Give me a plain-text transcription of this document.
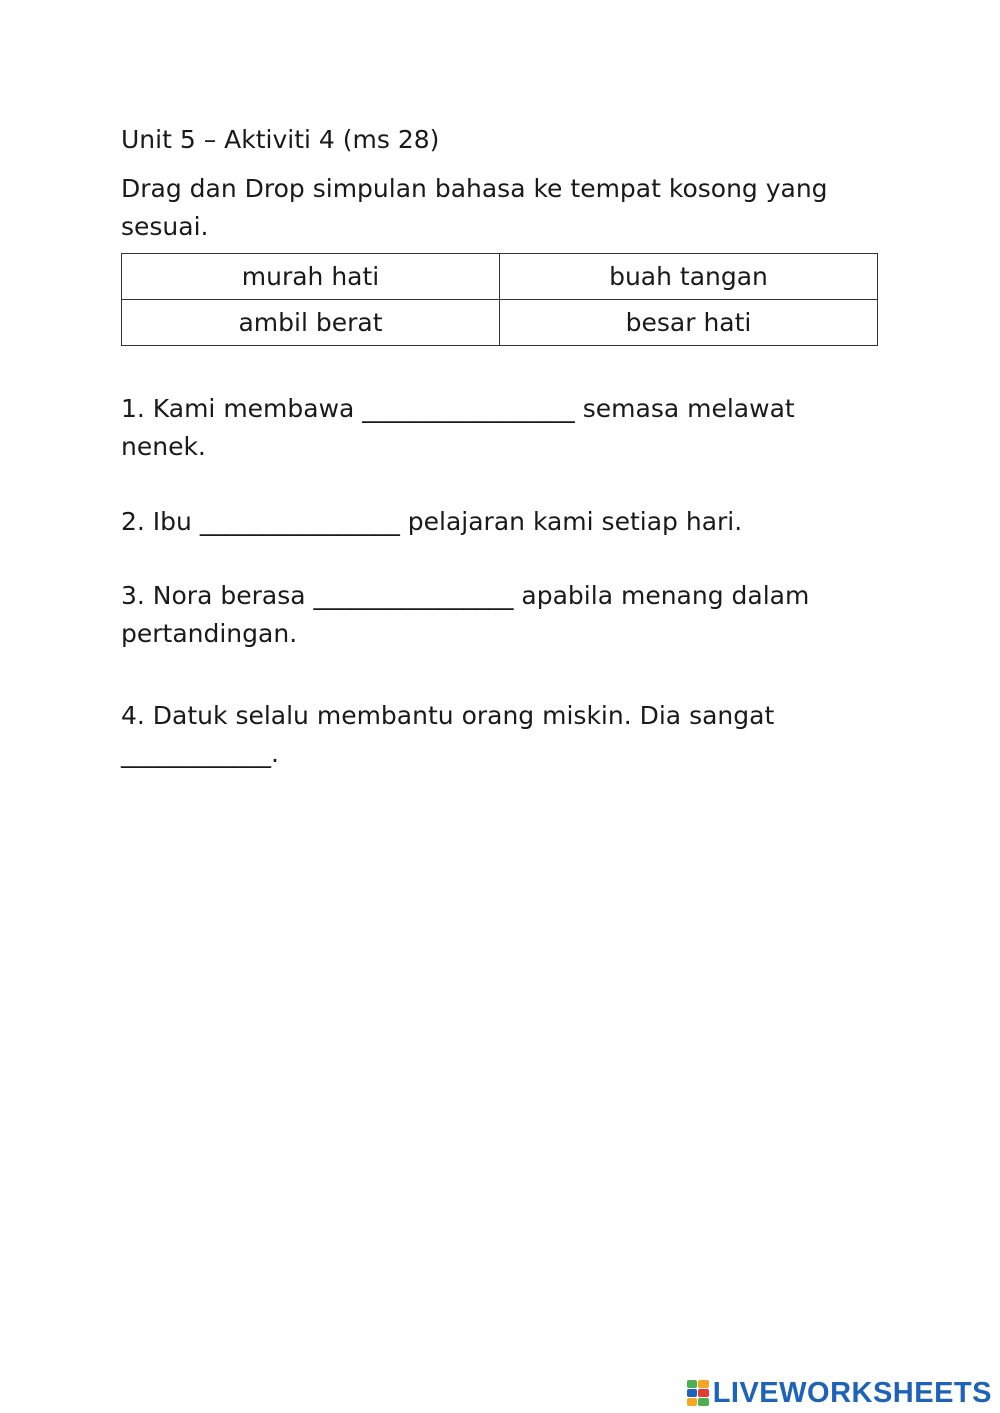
Unit 5 – Aktiviti 4 (ms 28)
Drag dan Drop simpulan bahasa ke tempat kosong yang sesuai.
murah hati	buah tangan
ambil berat	besar hati
1. Kami membawa _________________ semasa melawat nenek.
2. Ibu ________________ pelajaran kami setiap hari.
3. Nora berasa ________________ apabila menang dalam pertandingan.
4. Datuk selalu membantu orang miskin. Dia sangat ____________.
LIVEWORKSHEETS
